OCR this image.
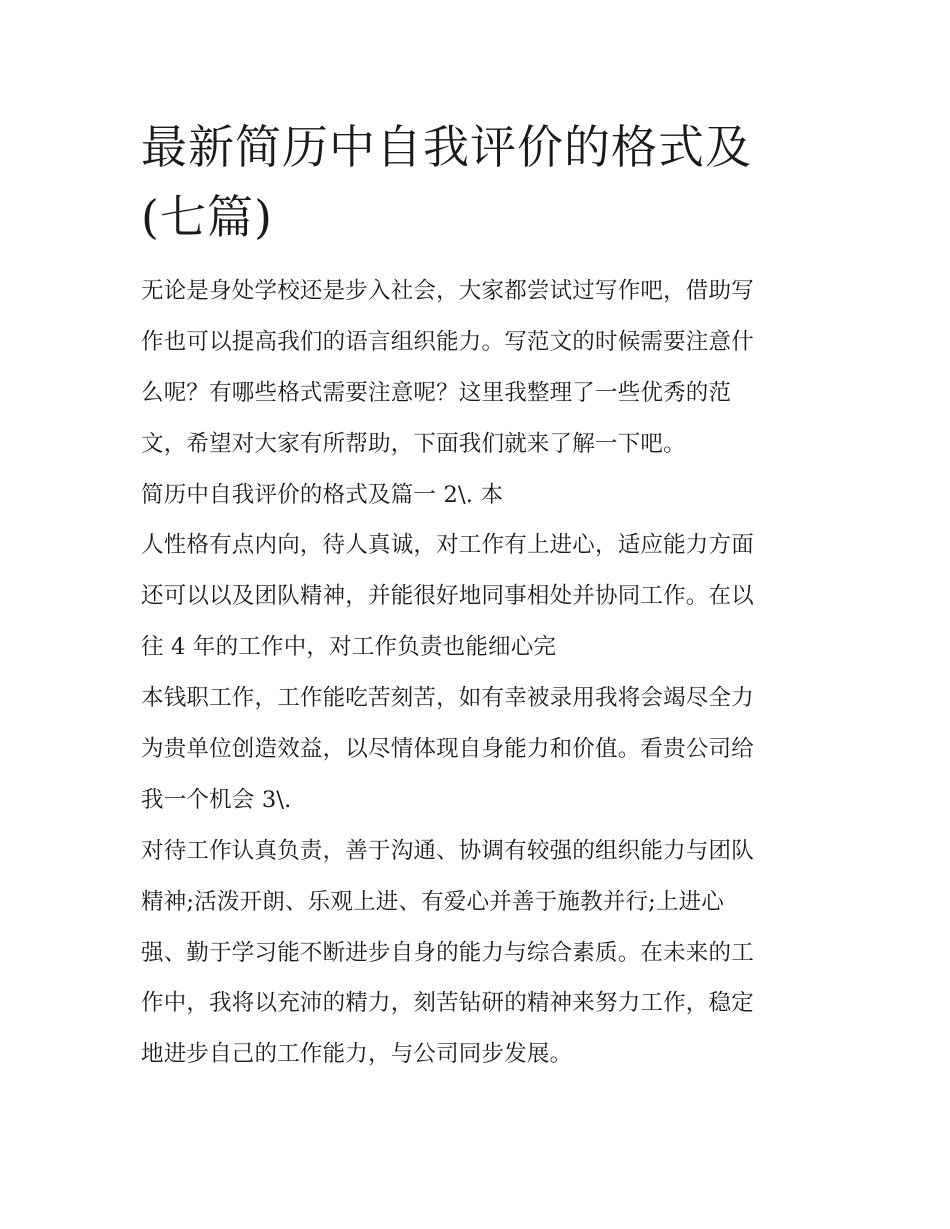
最新简历中自我评价的格式及
(七篇)
无论是身处学校还是步入社会，大家都尝试过写作吧，借助写
作也可以提高我们的语言组织能力。写范文的时候需要注意什
么呢？有哪些格式需要注意呢？这里我整理了一些优秀的范
文，希望对大家有所帮助，下面我们就来了解一下吧。
简历中自我评价的格式及篇一 2\. 本
人性格有点内向，待人真诚，对工作有上进心，适应能力方面
还可以以及团队精神，并能很好地同事相处并协同工作。在以
往 4 年的工作中，对工作负责也能细心完
本钱职工作，工作能吃苦刻苦，如有幸被录用我将会竭尽全力
为贵单位创造效益，以尽情体现自身能力和价值。看贵公司给
我一个机会 3\.
对待工作认真负责，善于沟通、协调有较强的组织能力与团队
精神;活泼开朗、乐观上进、有爱心并善于施教并行;上进心
强、勤于学习能不断进步自身的能力与综合素质。在未来的工
作中，我将以充沛的精力，刻苦钻研的精神来努力工作，稳定
地进步自己的工作能力，与公司同步发展。
